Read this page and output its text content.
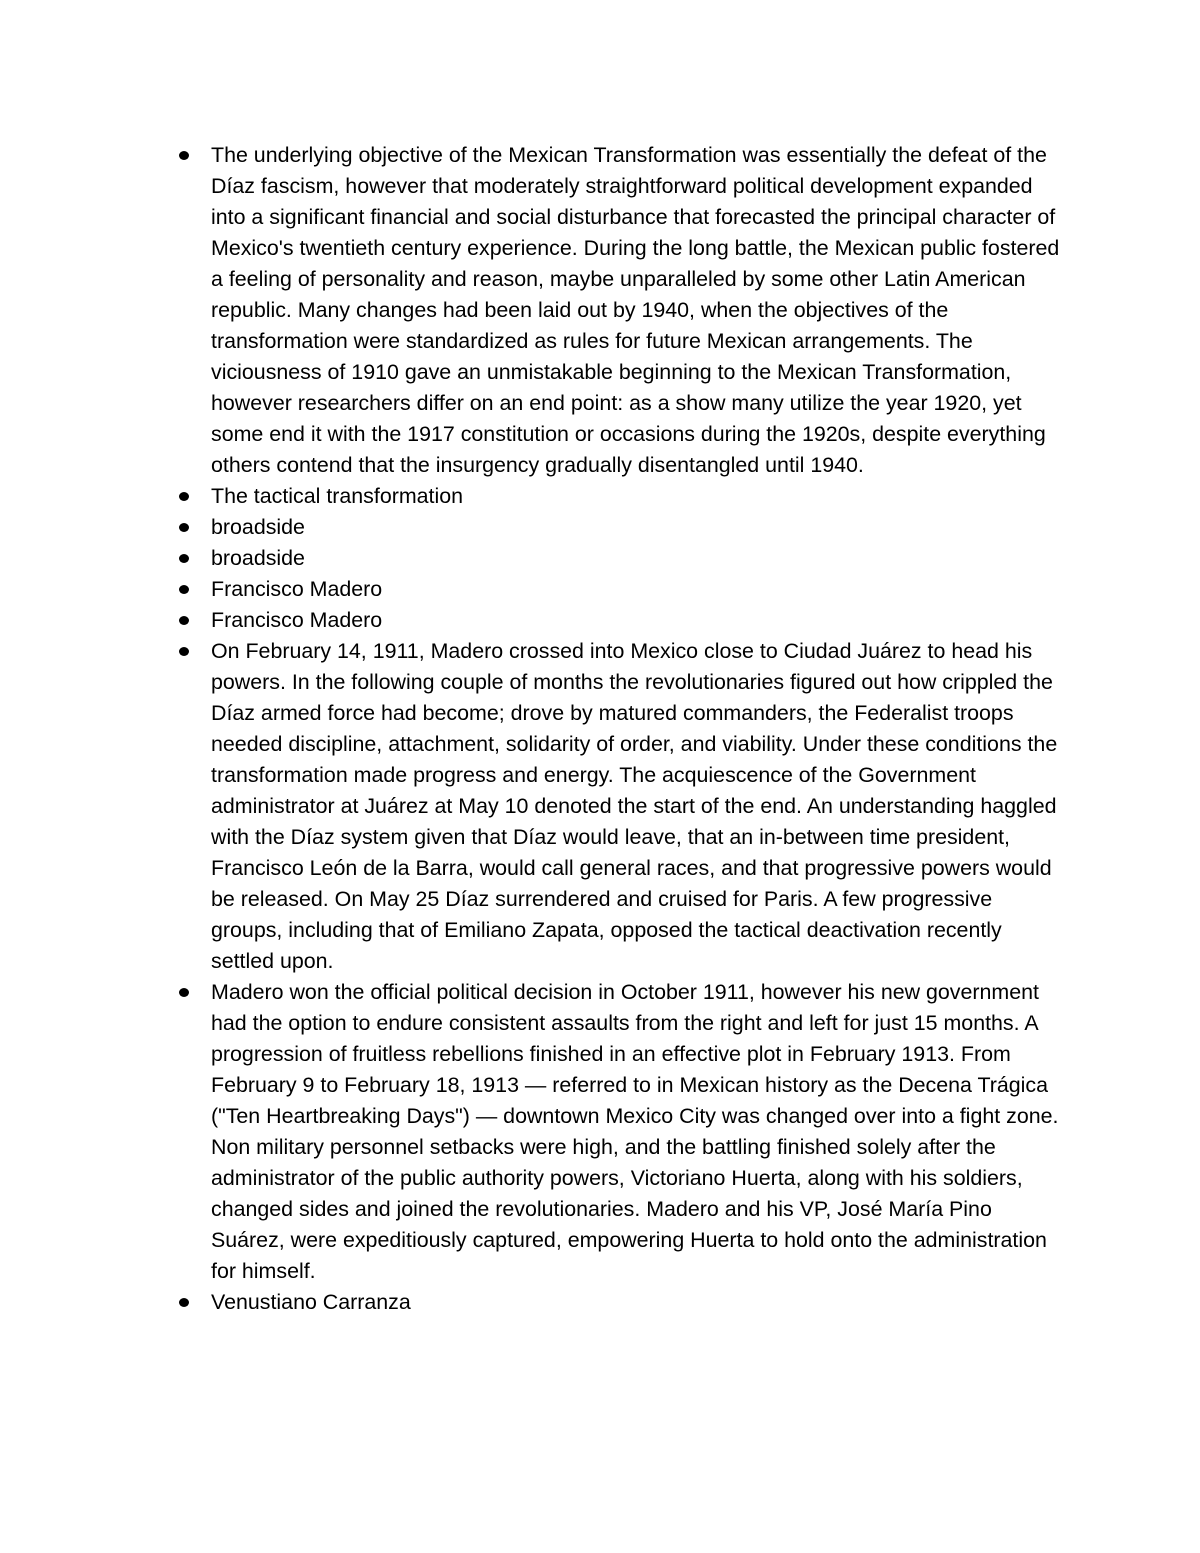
The underlying objective of the Mexican Transformation was essentially the defeat of the Díaz fascism, however that moderately straightforward political development expanded into a significant financial and social disturbance that forecasted the principal character of Mexico's twentieth century experience. During the long battle, the Mexican public fostered a feeling of personality and reason, maybe unparalleled by some other Latin American republic. Many changes had been laid out by 1940, when the objectives of the transformation were standardized as rules for future Mexican arrangements. The viciousness of 1910 gave an unmistakable beginning to the Mexican Transformation, however researchers differ on an end point: as a show many utilize the year 1920, yet some end it with the 1917 constitution or occasions during the 1920s, despite everything others contend that the insurgency gradually disentangled until 1940.
The tactical transformation
broadside
broadside
Francisco Madero
Francisco Madero
On February 14, 1911, Madero crossed into Mexico close to Ciudad Juárez to head his powers. In the following couple of months the revolutionaries figured out how crippled the Díaz armed force had become; drove by matured commanders, the Federalist troops needed discipline, attachment, solidarity of order, and viability. Under these conditions the transformation made progress and energy. The acquiescence of the Government administrator at Juárez at May 10 denoted the start of the end. An understanding haggled with the Díaz system given that Díaz would leave, that an in-between time president, Francisco León de la Barra, would call general races, and that progressive powers would be released. On May 25 Díaz surrendered and cruised for Paris. A few progressive groups, including that of Emiliano Zapata, opposed the tactical deactivation recently settled upon.
Madero won the official political decision in October 1911, however his new government had the option to endure consistent assaults from the right and left for just 15 months. A progression of fruitless rebellions finished in an effective plot in February 1913. From February 9 to February 18, 1913 — referred to in Mexican history as the Decena Trágica ("Ten Heartbreaking Days") — downtown Mexico City was changed over into a fight zone. Non military personnel setbacks were high, and the battling finished solely after the administrator of the public authority powers, Victoriano Huerta, along with his soldiers, changed sides and joined the revolutionaries. Madero and his VP, José María Pino Suárez, were expeditiously captured, empowering Huerta to hold onto the administration for himself.
Venustiano Carranza
